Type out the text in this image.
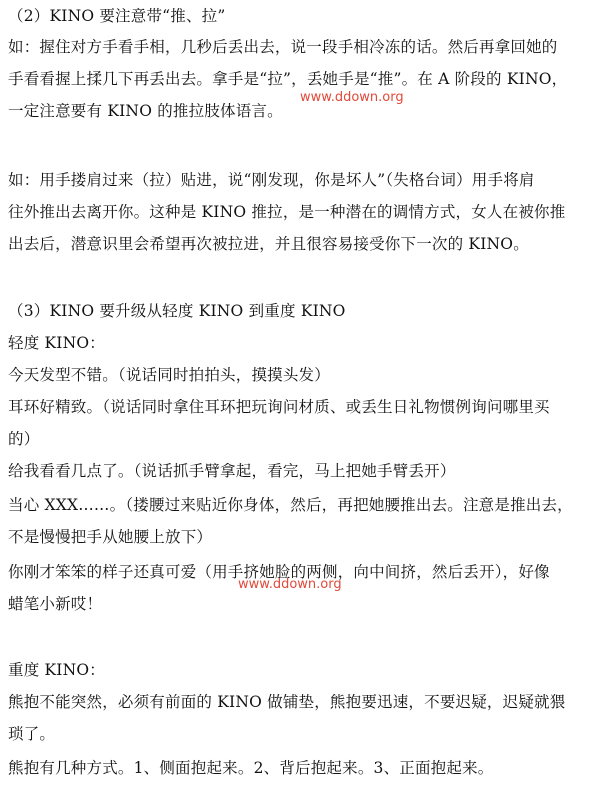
（2）KINO 要注意带“推、拉”
如：握住对方手看手相，几秒后丢出去，说一段手相冷冻的话。然后再拿回她的
手看看握上揉几下再丢出去。拿手是“拉”，丢她手是“推”。在 A 阶段的 KINO，
一定注意要有 KINO 的推拉肢体语言。
如：用手搂肩过来（拉）贴进，说“刚发现，你是坏人”（失格台词）用手将肩
往外推出去离开你。这种是 KINO 推拉，是一种潜在的调情方式，女人在被你推
出去后，潜意识里会希望再次被拉进，并且很容易接受你下一次的 KINO。
（3）KINO 要升级从轻度 KINO 到重度 KINO
轻度 KINO：
今天发型不错。（说话同时拍拍头，摸摸头发）
耳环好精致。（说话同时拿住耳环把玩询问材质、或丢生日礼物惯例询问哪里买
的）
给我看看几点了。（说话抓手臂拿起，看完，马上把她手臂丢开）
当心 XXX……。（搂腰过来贴近你身体，然后，再把她腰推出去。注意是推出去，
不是慢慢把手从她腰上放下）
你刚才笨笨的样子还真可爱（用手挤她脸的两侧，向中间挤，然后丢开），好像
蜡笔小新哎！
重度 KINO：
熊抱不能突然，必须有前面的 KINO 做铺垫，熊抱要迅速，不要迟疑，迟疑就猥
琐了。
熊抱有几种方式。1、侧面抱起来。2、背后抱起来。3、正面抱起来。
www.ddown.org
www.ddown.org
